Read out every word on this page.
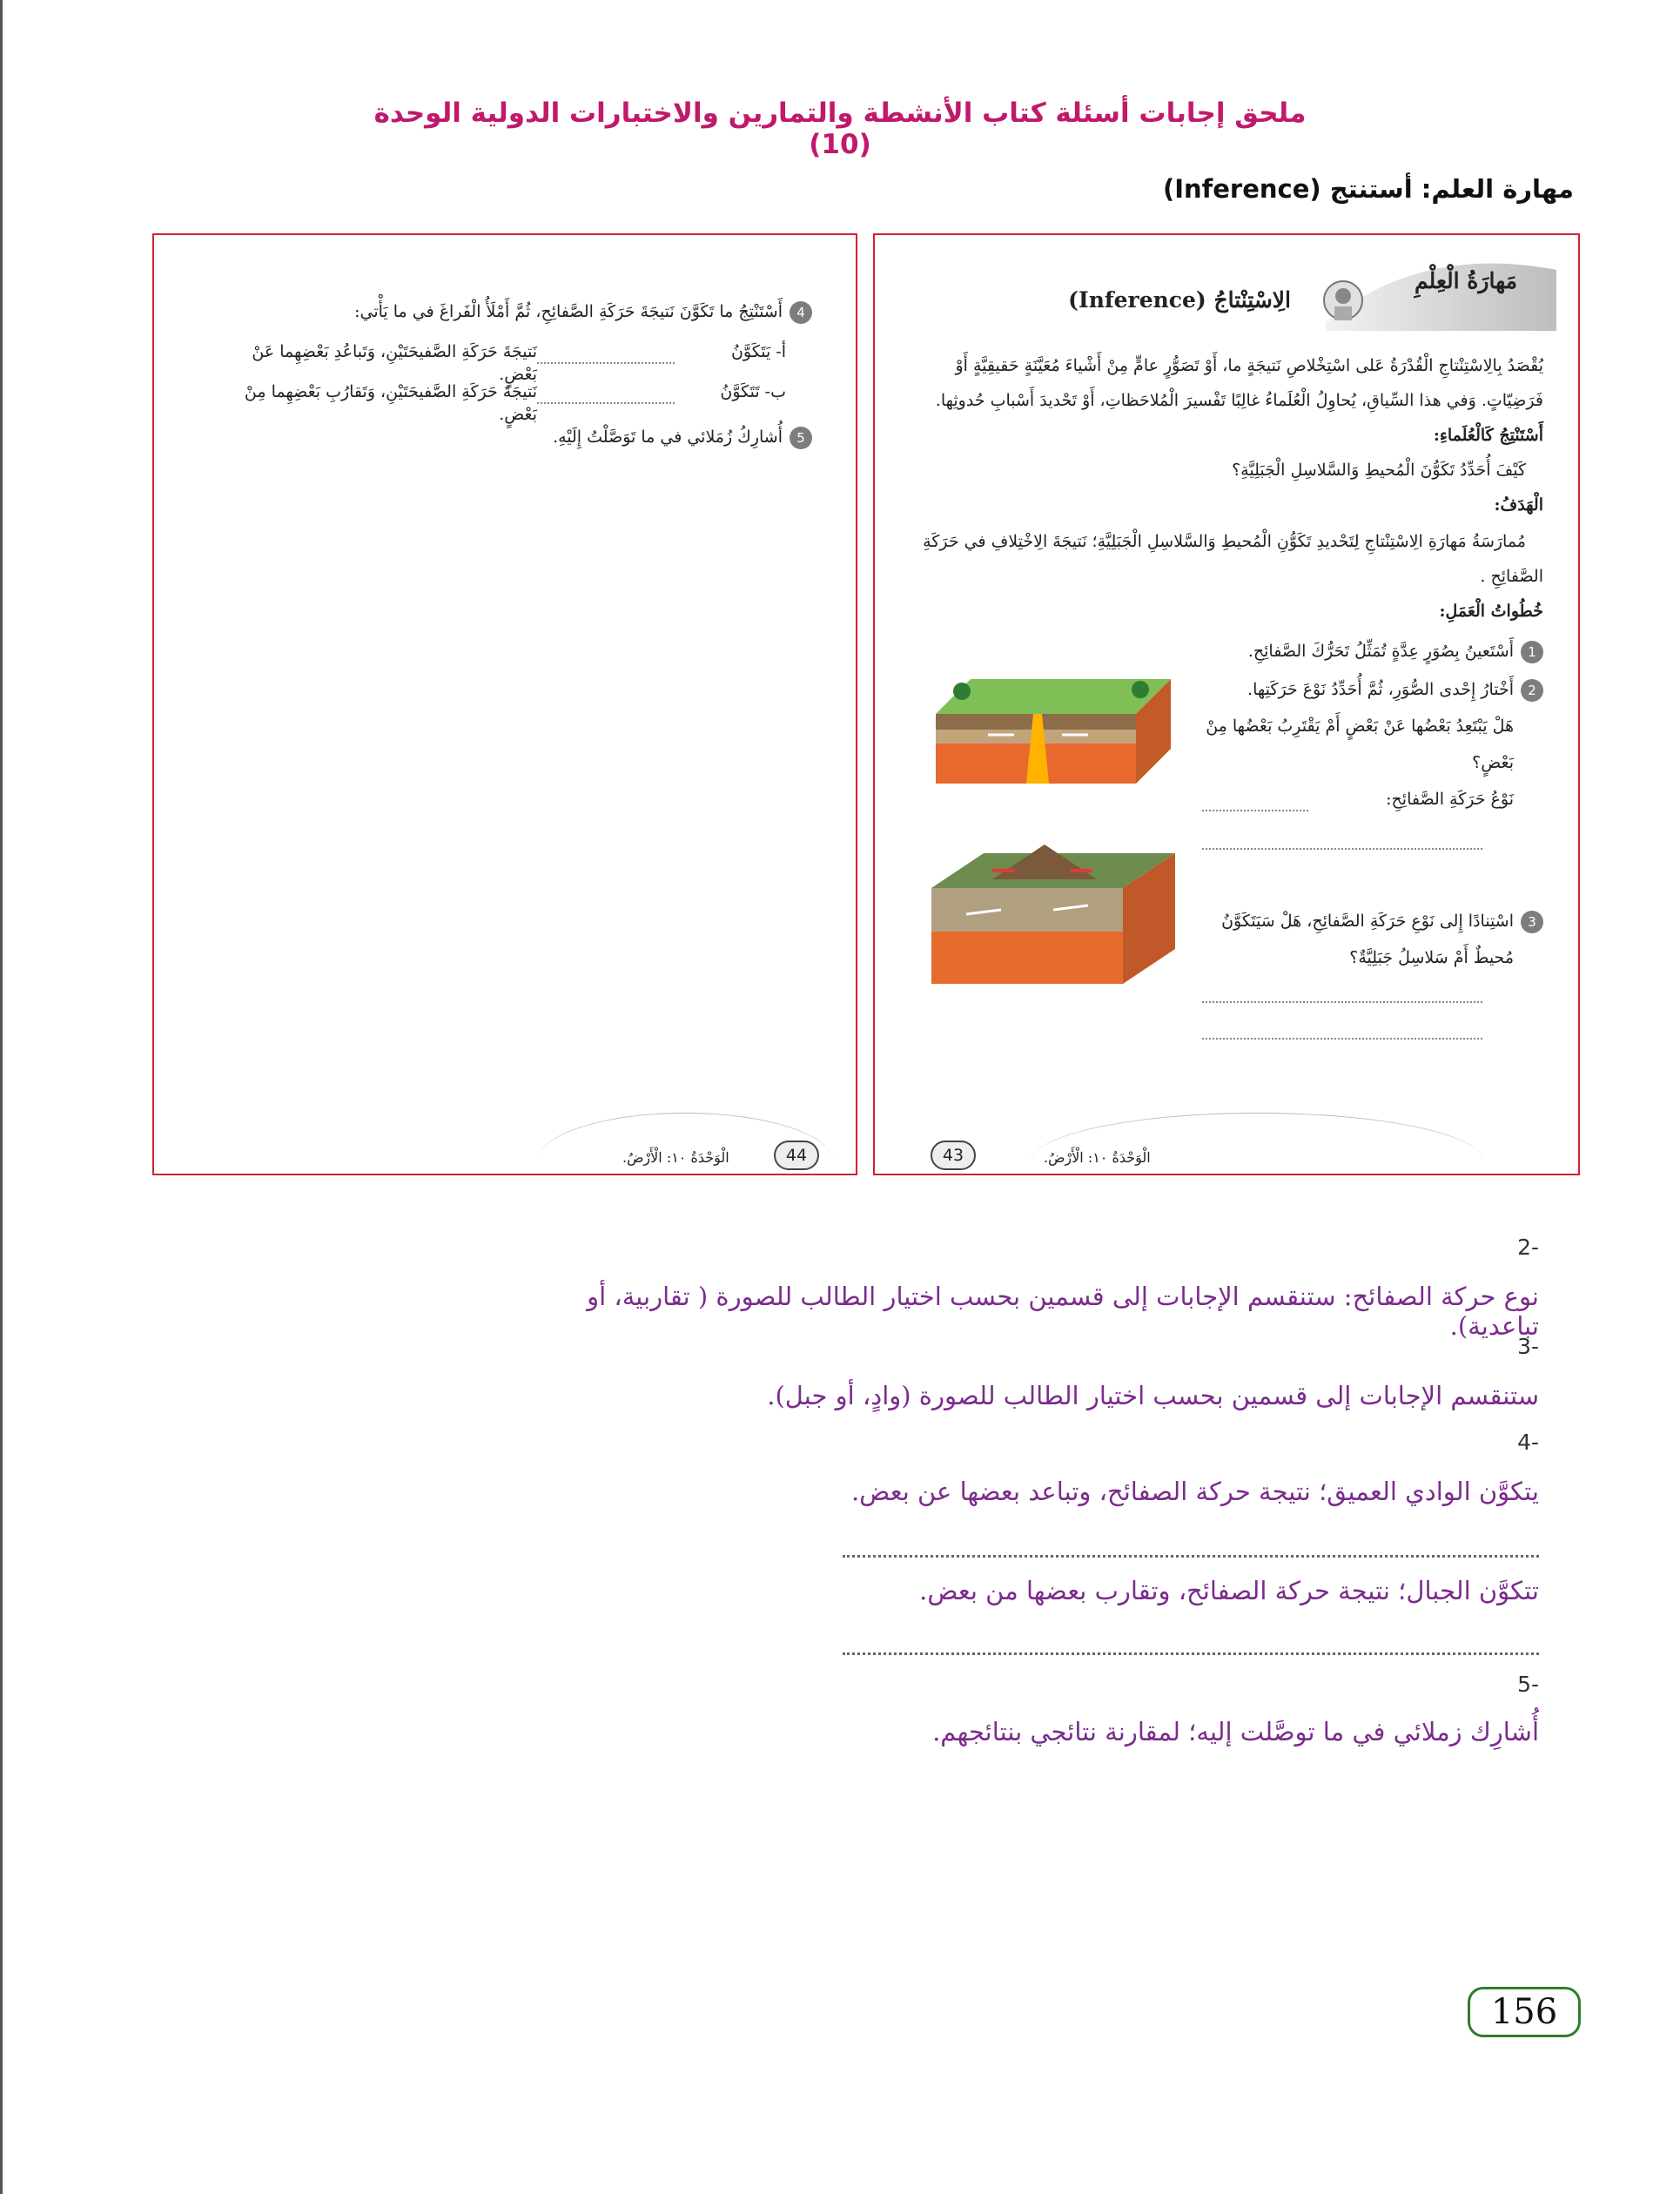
ملحق إجابات أسئلة كتاب الأنشطة والتمارين والاختبارات الدولية الوحدة (10)
مهارة العلم: أستنتج (Inference)
مَهارَةُ الْعِلْمِ
الِاسْتِنْتاجُ (Inference)
يُقْصَدُ بِالِاسْتِنْتاجِ الْقُدْرَةُ عَلى اسْتِخْلاصِ نَتيجَةٍ ما، أَوْ تَصَوُّرٍ عامٍّ مِنْ أَشْياءَ مُعَيَّنَةٍ حَقيقِيَّةٍ أَوْ
فَرَضِيّاتٍ. وَفي هذا السِّياقِ، يُحاوِلُ الْعُلَماءُ غالِبًا تَفْسيرَ الْمُلاحَظاتِ، أَوْ تَحْديدَ أَسْبابِ حُدوثِها.
أَسْتَنْتِجُ كَالْعُلَماءِ:
كَيْفَ أُحَدِّدُ تَكَوُّنَ الْمُحيطِ وَالسَّلاسِلِ الْجَبَلِيَّةِ؟
الْهَدَفُ:
مُمارَسَةُ مَهارَةِ الِاسْتِنْتاجِ لِتَحْديدِ تَكَوُّنِ الْمُحيطِ وَالسَّلاسِلِ الْجَبَلِيَّةِ؛ نَتيجَةَ الِاخْتِلافِ في حَرَكَةِ
الصَّفائِحِ .
خُطُواتُ الْعَمَلِ:
1أَسْتَعينُ بِصُوَرٍ عِدَّةٍ تُمَثِّلُ تَحَرُّكَ الصَّفائِحِ.
2أَخْتارُ إِحْدى الصُّوَرِ، ثُمَّ أُحَدِّدُ نَوْعَ حَرَكَتِها.
هَلْ يَبْتَعِدُ بَعْضُها عَنْ بَعْضٍ أَمْ يَقْتَرِبُ بَعْضُها مِنْ
بَعْضٍ؟
نَوْعُ حَرَكَةِ الصَّفائِحِ:
3اسْتِنادًا إِلى نَوْعِ حَرَكَةِ الصَّفائِحِ، هَلْ سَيَتَكَوَّنُ
مُحيطٌ أَمْ سَلاسِلُ جَبَلِيَّةٌ؟
43	الْوَحْدَةُ ١٠: الْأَرْضُ.
4أَسْتَنْتِجُ ما تَكَوَّنَ نَتيجَةَ حَرَكَةِ الصَّفائِحِ، ثُمَّ أَمْلَأُ الْفَراغَ في ما يَأْتي:
أ- يَتَكَوَّنُ
نَتيجَةَ حَرَكَةِ الصَّفيحَتَيْنِ، وَتَباعُدِ بَعْضِهِما عَنْ بَعْضٍ.
ب- تَتَكَوَّنُ
نَتيجَةَ حَرَكَةِ الصَّفيحَتَيْنِ، وَتَقارُبِ بَعْضِهِما مِنْ بَعْضٍ.
5أُشارِكُ زُمَلائي في ما تَوَصَّلْتُ إِلَيْهِ.
44
الْوَحْدَةُ ١٠: الْأَرْضُ.
2-
نوع حركة الصفائح: ستنقسم الإجابات إلى قسمين بحسب اختيار الطالب للصورة ( تقاربية، أو تباعدية).
3-
ستنقسم الإجابات إلى قسمين بحسب اختيار الطالب للصورة (وادٍ، أو جبل).
4-
يتكوَّن الوادي العميق؛ نتيجة حركة الصفائح، وتباعد بعضها عن بعض.
تتكوَّن الجبال؛ نتيجة حركة الصفائح، وتقارب بعضها من بعض.
5-
أُشارِك زملائي في ما توصَّلت إليه؛ لمقارنة نتائجي بنتائجهم.
156
